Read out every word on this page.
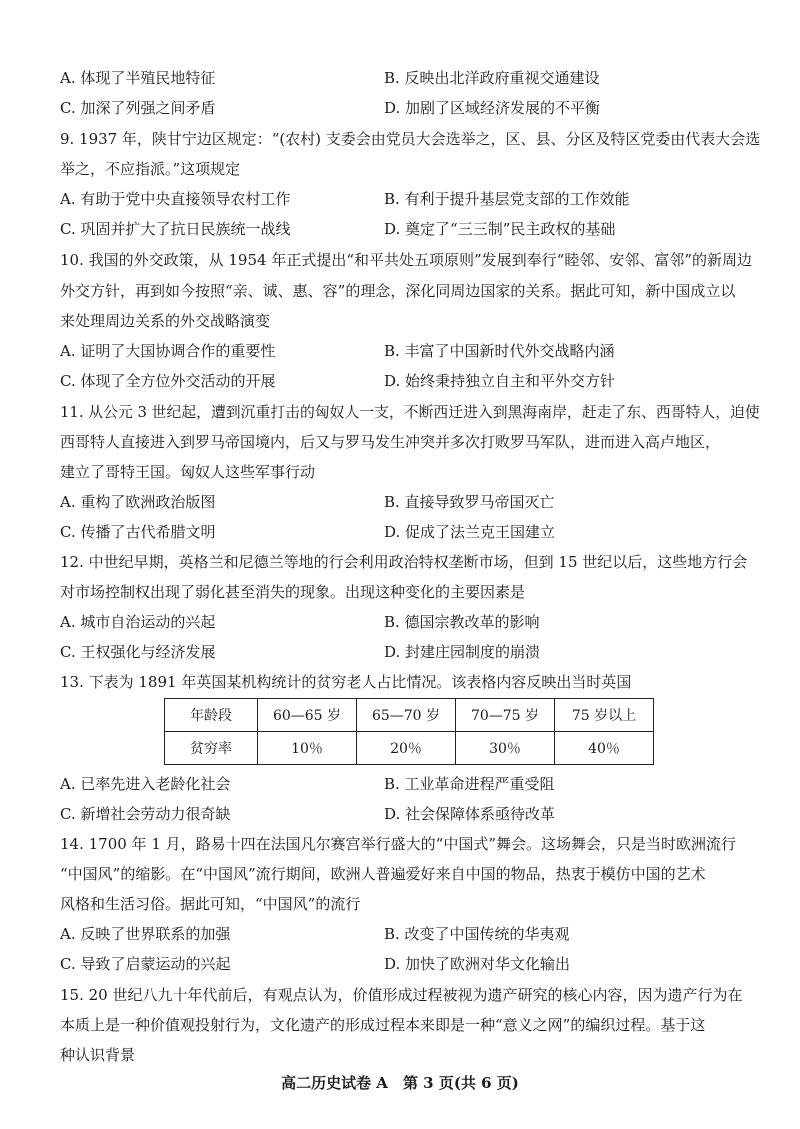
A. 体现了半殖民地特征	B. 反映出北洋政府重视交通建设
C. 加深了列强之间矛盾	D. 加剧了区域经济发展的不平衡
9. 1937 年，陕甘宁边区规定：“(农村) 支委会由党员大会选举之，区、县、分区及特区党委由代表大会选
举之，不应指派。”这项规定
A. 有助于党中央直接领导农村工作	B. 有利于提升基层党支部的工作效能
C. 巩固并扩大了抗日民族统一战线	D. 奠定了“三三制”民主政权的基础
10. 我国的外交政策，从 1954 年正式提出“和平共处五项原则”发展到奉行“睦邻、安邻、富邻”的新周边
外交方针，再到如今按照“亲、诚、惠、容”的理念，深化同周边国家的关系。据此可知，新中国成立以
来处理周边关系的外交战略演变
A. 证明了大国协调合作的重要性	B. 丰富了中国新时代外交战略内涵
C. 体现了全方位外交活动的开展	D. 始终秉持独立自主和平外交方针
11. 从公元 3 世纪起，遭到沉重打击的匈奴人一支，不断西迁进入到黑海南岸，赶走了东、西哥特人，迫使
西哥特人直接进入到罗马帝国境内，后又与罗马发生冲突并多次打败罗马军队，进而进入高卢地区，
建立了哥特王国。匈奴人这些军事行动
A. 重构了欧洲政治版图	B. 直接导致罗马帝国灭亡
C. 传播了古代希腊文明	D. 促成了法兰克王国建立
12. 中世纪早期，英格兰和尼德兰等地的行会利用政治特权垄断市场，但到 15 世纪以后，这些地方行会
对市场控制权出现了弱化甚至消失的现象。出现这种变化的主要因素是
A. 城市自治运动的兴起	B. 德国宗教改革的影响
C. 王权强化与经济发展	D. 封建庄园制度的崩溃
13. 下表为 1891 年英国某机构统计的贫穷老人占比情况。该表格内容反映出当时英国
年龄段	60—65 岁	65—70 岁	70—75 岁	75 岁以上
贫穷率	10％	20％	30％	40％
A. 已率先进入老龄化社会	B. 工业革命进程严重受阻
C. 新增社会劳动力很奇缺	D. 社会保障体系亟待改革
14. 1700 年 1 月，路易十四在法国凡尔赛宫举行盛大的“中国式”舞会。这场舞会，只是当时欧洲流行
“中国风”的缩影。在“中国风”流行期间，欧洲人普遍爱好来自中国的物品，热衷于模仿中国的艺术
风格和生活习俗。据此可知，“中国风”的流行
A. 反映了世界联系的加强	B. 改变了中国传统的华夷观
C. 导致了启蒙运动的兴起	D. 加快了欧洲对华文化输出
15. 20 世纪八九十年代前后，有观点认为，价值形成过程被视为遗产研究的核心内容，因为遗产行为在
本质上是一种价值观投射行为，文化遗产的形成过程本来即是一种“意义之网”的编织过程。基于这
种认识背景
高二历史试卷 A　第 3 页(共 6 页)
